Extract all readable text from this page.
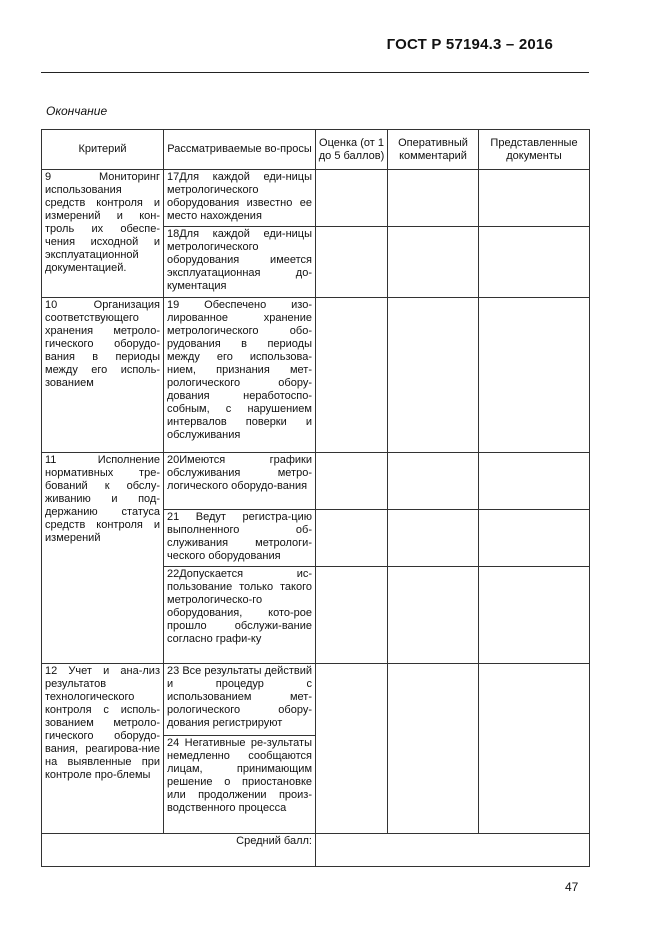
ГОСТ Р 57194.3 – 2016
Окончание
Критерий	Рассматриваемые во-просы	Оценка (от 1 до 5 баллов)	Оперативный комментарий	Представленные документы
9 Мониторинг использования средств контроля и измерений и кон-троль их обеспе-чения исходной и эксплуатационной документацией.	17Для каждой еди-ницы метрологического оборудования известно ее место нахождения			
	18Для каждой еди-ницы метрологического оборудования имеется эксплуатационная до-кументация			
10 Организация соответствующего хранения метроло-гического оборудо-вания в периоды между его исполь-зованием	19 Обеспечено изо-лированное хранение метрологического обо-рудования в периоды между его использова-нием, признания мет-рологического обору-дования неработоспо-собным, с нарушением интервалов поверки и обслуживания			
11 Исполнение нормативных тре-бований к обслу-живанию и под-держанию статуса средств контроля и измерений	20Имеются графики обслуживания метро-логического оборудо-вания			
	21 Ведут регистра-цию выполненного об-служивания метрологи-ческого оборудования			
	22Допускается ис-пользование только такого метрологическо-го оборудования, кото-рое прошло обслужи-вание согласно графи-ку			
12 Учет и ана-лиз результатов технологического контроля с исполь-зованием метроло-гического оборудо-вания, реагирова-ние на выявленные при контроле про-блемы	23 Все результаты действий и процедур с использованием мет-рологического обору-дования регистрируют			
	24 Негативные ре-зультаты немедленно сообщаются лицам, принимающим решение о приостановке или продолжении произ-водственного процесса			
Средний балл:				
47
